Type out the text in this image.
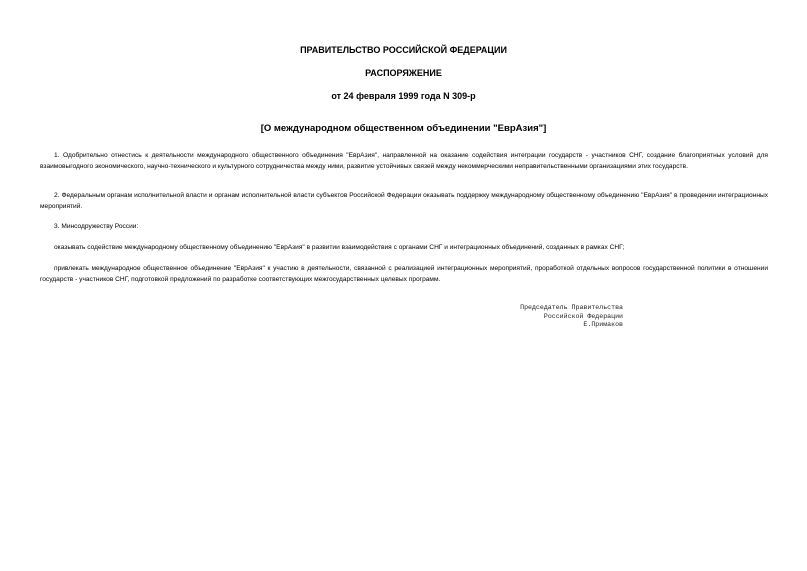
ПРАВИТЕЛЬСТВО РОССИЙСКОЙ ФЕДЕРАЦИИ

РАСПОРЯЖЕНИЕ

от 24 февраля 1999 года N 309-р

[О международном общественном объединении "ЕврАзия"]

1. Одобрительно отнестись к деятельности международного общественного объединения "ЕврАзия", направленной на оказание содействия интеграции государств - участников СНГ, создание благоприятных условий для взаимовыгодного экономического, научно-технического и культурного сотрудничества между ними, развитие устойчивых связей между некоммерческими неправительственными организациями этих государств.

2. Федеральным органам исполнительной власти и органам исполнительной власти субъектов Российской Федерации оказывать поддержку международному общественному объединению "ЕврАзия" в проведении интеграционных мероприятий.

3. Минсодружеству России:

оказывать содействие международному общественному объединению "ЕврАзия" в развитии взаимодействия с органами СНГ и интеграционных объединений, созданных в рамках СНГ;

привлекать международное общественное объединение "ЕврАзия" к участию в деятельности, связанной с реализацией интеграционных мероприятий, проработкой отдельных вопросов государственной политики в отношении государств - участников СНГ, подготовкой предложений по разработке соответствующих межгосударственных целевых программ.

Председатель Правительства
Российской Федерации
Е.Примаков
